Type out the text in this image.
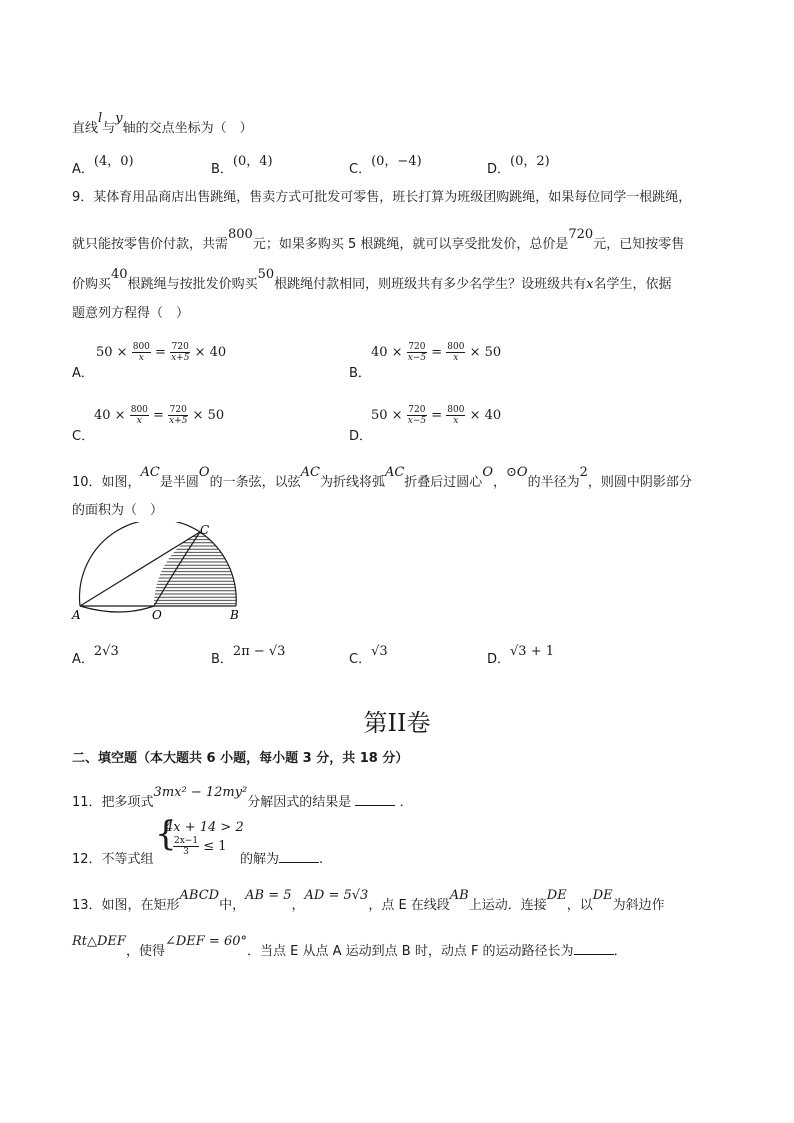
直线l与y轴的交点坐标为（　）
A．(4，0)
B．(0，4)
C．(0，−4)
D．(0，2)
9．某体育用品商店出售跳绳，售卖方式可批发可零售，班长打算为班级团购跳绳，如果每位同学一根跳绳，
就只能按零售价付款，共需800元；如果多购买 5 根跳绳，就可以享受批发价，总价是720元，已知按零售
价购买40根跳绳与按批发价购买50根跳绳付款相同，则班级共有多少名学生？设班级共有x名学生，依据
题意列方程得（　）
A．
$50 \times \frac{800}{x} = \frac{720}{x+5} \times 40$
B．
$40 \times \frac{720}{x-5} = \frac{800}{x} \times 50$
C．
$40 \times \frac{800}{x} = \frac{720}{x+5} \times 50$
D．
$50 \times \frac{720}{x-5} = \frac{800}{x} \times 40$
10．如图，AC是半圆O的一条弦，以弦AC为折线将弧AC折叠后过圆心O，⊙O的半径为2，则圆中阴影部分
的面积为（　）
A	O	B
C
A．2√3
B．2π − √3
C．√3
D．√3 + 1
第II卷
二、填空题（本大题共 6 小题，每小题 3 分，共 18 分）
11．把多项式3mx² − 12my²分解因式的结果是	．
12．不等式组
{
4x + 14 > 2
$\frac{2x-1}{3} \le 1$
的解为	.
13．如图，在矩形ABCD中，AB = 5，AD = 5√3，点 E 在线段AB上运动．连接DE，以DE为斜边作
Rt△DEF，使得∠DEF = 60°．当点 E 从点 A 运动到点 B 时，动点 F 的运动路径长为	．
